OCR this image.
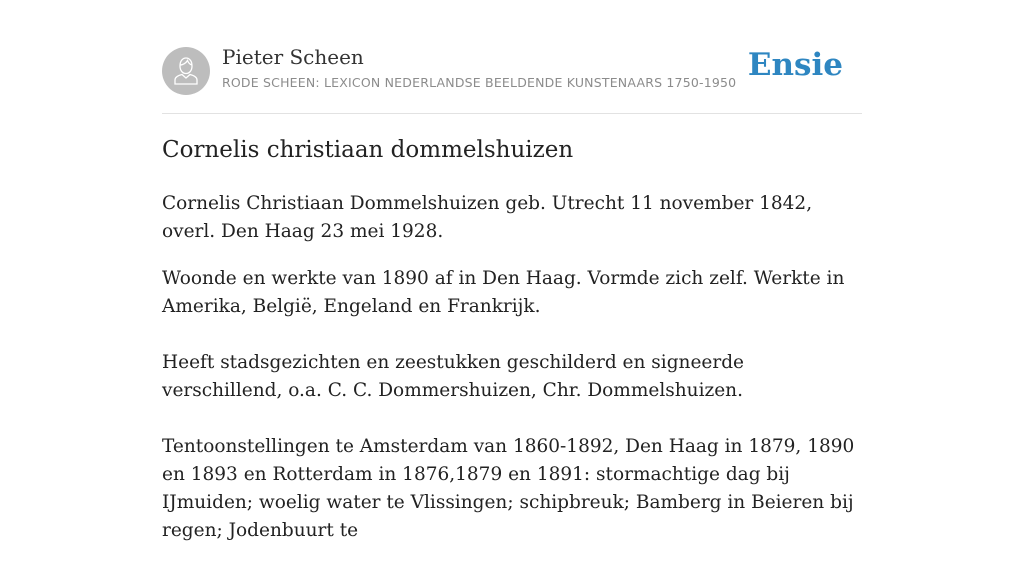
Pieter Scheen
RODE SCHEEN: LEXICON NEDERLANDSE BEELDENDE KUNSTENAARS 1750-1950 Ensie
Cornelis christiaan dommelshuizen

Cornelis Christiaan Dommelshuizen geb. Utrecht 11 november 1842, overl. Den Haag 23 mei 1928.

Woonde en werkte van 1890 af in Den Haag. Vormde zich zelf. Werkte in Amerika, België, Engeland en Frankrijk.

Heeft stadsgezichten en zeestukken geschilderd en signeerde verschillend, o.a. C. C. Dommershuizen, Chr. Dommelshuizen.

Tentoonstellingen te Amsterdam van 1860-1892, Den Haag in 1879, 1890 en 1893 en Rotterdam in 1876,1879 en 1891: stormachtige dag bij IJmuiden; woelig water te Vlissingen; schipbreuk; Bamberg in Beieren bij regen; Jodenbuurt te
